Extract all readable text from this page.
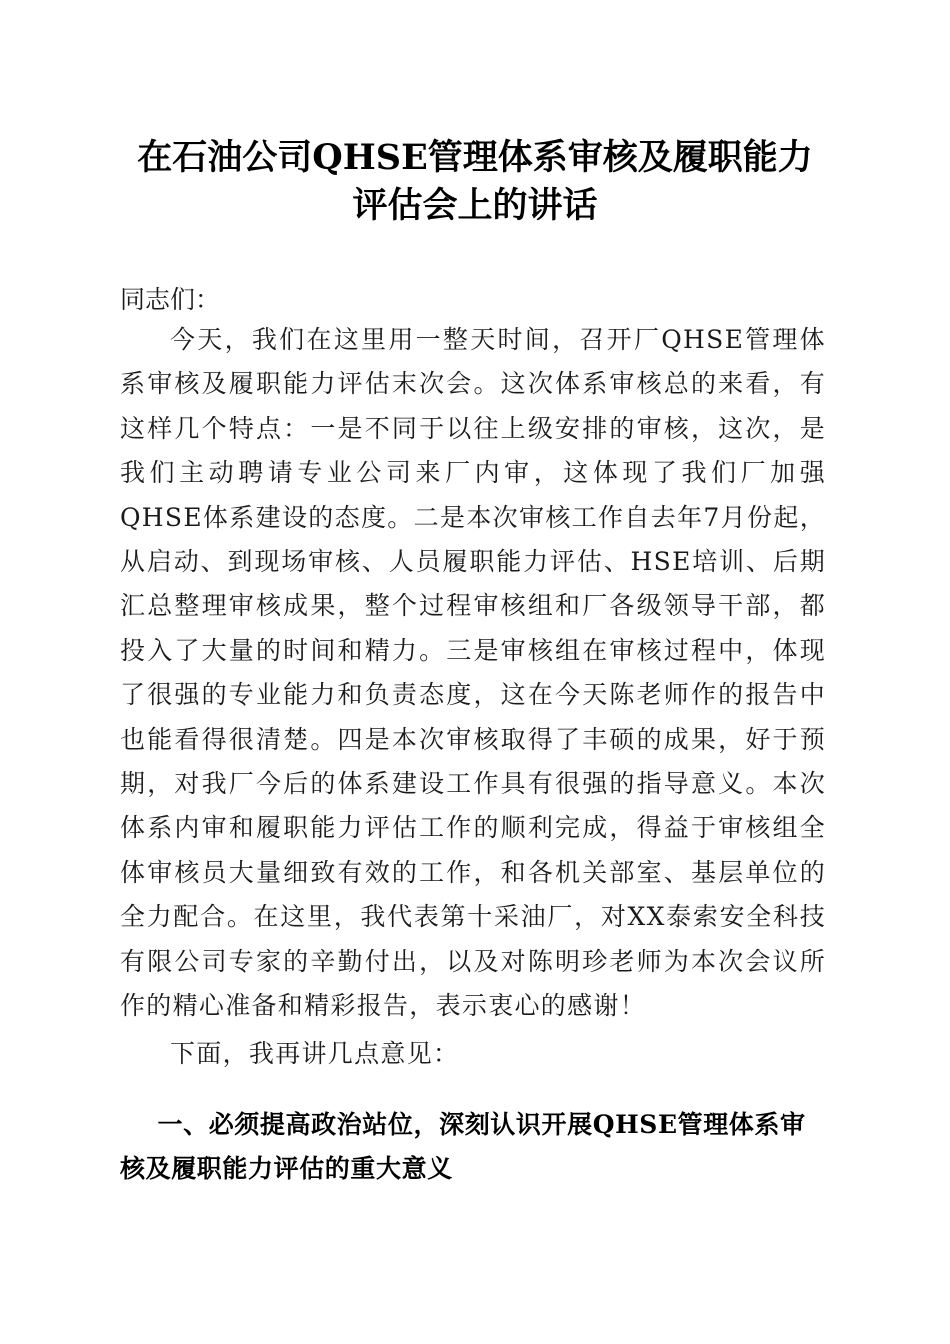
在石油公司QHSE管理体系审核及履职能力
评估会上的讲话
同志们：

今天，我们在这里用一整天时间，召开厂QHSE管理体系审核及履职能力评估末次会。这次体系审核总的来看，有这样几个特点：一是不同于以往上级安排的审核，这次，是我们主动聘请专业公司来厂内审，这体现了我们厂加强QHSE体系建设的态度。二是本次审核工作自去年7月份起，从启动、到现场审核、人员履职能力评估、HSE培训、后期汇总整理审核成果，整个过程审核组和厂各级领导干部，都投入了大量的时间和精力。三是审核组在审核过程中，体现了很强的专业能力和负责态度，这在今天陈老师作的报告中也能看得很清楚。四是本次审核取得了丰硕的成果，好于预期，对我厂今后的体系建设工作具有很强的指导意义。本次体系内审和履职能力评估工作的顺利完成，得益于审核组全体审核员大量细致有效的工作，和各机关部室、基层单位的全力配合。在这里，我代表第十采油厂，对XX泰索安全科技有限公司专家的辛勤付出，以及对陈明珍老师为本次会议所作的精心准备和精彩报告，表示衷心的感谢！

下面，我再讲几点意见：

一、必须提高政治站位，深刻认识开展QHSE管理体系审核及履职能力评估的重大意义
